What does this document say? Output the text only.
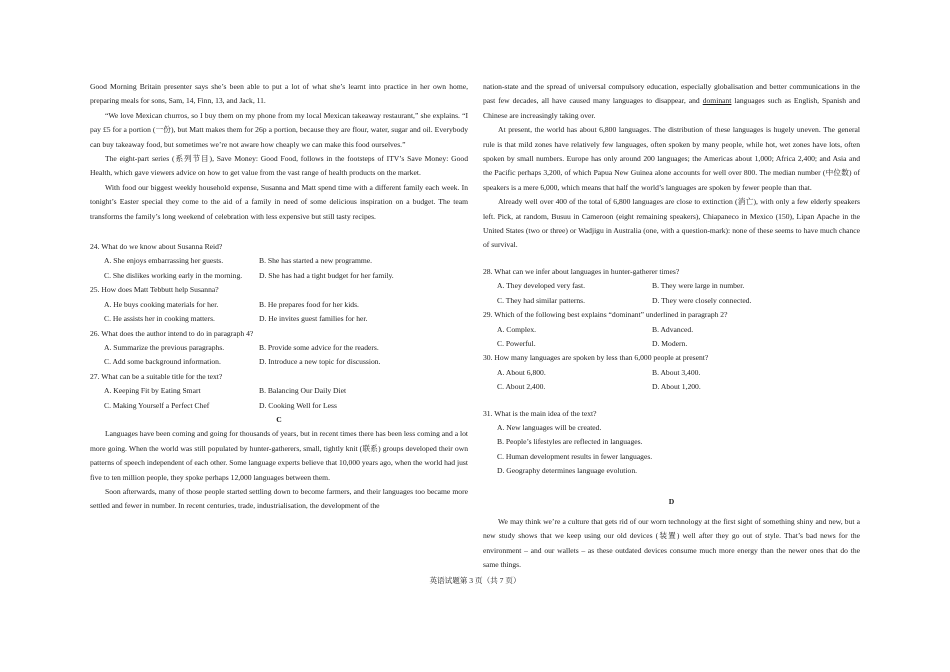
Good Morning Britain presenter says she’s been able to put a lot of what she’s learnt into practice in her own home, preparing meals for sons, Sam, 14, Finn, 13, and Jack, 11.

“We love Mexican churros, so I buy them on my phone from my local Mexican takeaway restaurant,” she explains. “I pay £5 for a portion (一份), but Matt makes them for 26p a portion, because they are flour, water, sugar and oil. Everybody can buy takeaway food, but sometimes we’re not aware how cheaply we can make this food ourselves.”

The eight-part series (系列节目), Save Money: Good Food, follows in the footsteps of ITV’s Save Money: Good Health, which gave viewers advice on how to get value from the vast range of health products on the market.

With food our biggest weekly household expense, Susanna and Matt spend time with a different family each week. In tonight’s Easter special they come to the aid of a family in need of some delicious inspiration on a budget. The team transforms the family’s long weekend of celebration with less expensive but still tasty recipes.

24. What do we know about Susanna Reid?

A. She enjoys embarrassing her guests.	B. She has started a new programme.
C. She dislikes working early in the morning.	D. She has had a tight budget for her family.

25. How does Matt Tebbutt help Susanna?

A. He buys cooking materials for her.	B. He prepares food for her kids.
C. He assists her in cooking matters.	D. He invites guest families for her.

26. What does the author intend to do in paragraph 4?

A. Summarize the previous paragraphs.	B. Provide some advice for the readers.
C. Add some background information.	D. Introduce a new topic for discussion.

27. What can be a suitable title for the text?

A. Keeping Fit by Eating Smart	B. Balancing Our Daily Diet
C. Making Yourself a Perfect Chef	D. Cooking Well for Less

C

Languages have been coming and going for thousands of years, but in recent times there has been less coming and a lot more going. When the world was still populated by hunter-gatherers, small, tightly knit (联系) groups developed their own patterns of speech independent of each other. Some language experts believe that 10,000 years ago, when the world had just five to ten million people, they spoke perhaps 12,000 languages between them.

Soon afterwards, many of those people started settling down to become farmers, and their languages too became more settled and fewer in number. In recent centuries, trade, industrialisation, the development of the

nation-state and the spread of universal compulsory education, especially globalisation and better communications in the past few decades, all have caused many languages to disappear, and dominant languages such as English, Spanish and Chinese are increasingly taking over.

At present, the world has about 6,800 languages. The distribution of these languages is hugely uneven. The general rule is that mild zones have relatively few languages, often spoken by many people, while hot, wet zones have lots, often spoken by small numbers. Europe has only around 200 languages; the Americas about 1,000; Africa 2,400; and Asia and the Pacific perhaps 3,200, of which Papua New Guinea alone accounts for well over 800. The median number (中位数) of speakers is a mere 6,000, which means that half the world’s languages are spoken by fewer people than that.

Already well over 400 of the total of 6,800 languages are close to extinction (消亡), with only a few elderly speakers left. Pick, at random, Busuu in Cameroon (eight remaining speakers), Chiapaneco in Mexico (150), Lipan Apache in the United States (two or three) or Wadjigu in Australia (one, with a question-mark): none of these seems to have much chance of survival.

28. What can we infer about languages in hunter-gatherer times?

A. They developed very fast.	B. They were large in number.
C. They had similar patterns.	D. They were closely connected.

29. Which of the following best explains “dominant” underlined in paragraph 2?

A. Complex.	B. Advanced.
C. Powerful.	D. Modern.

30. How many languages are spoken by less than 6,000 people at present?

A. About 6,800.	B. About 3,400.
C. About 2,400.	D. About 1,200.

31. What is the main idea of the text?

A. New languages will be created.
B. People’s lifestyles are reflected in languages.
C. Human development results in fewer languages.
D. Geography determines language evolution.

D

We may think we’re a culture that gets rid of our worn technology at the first sight of something shiny and new, but a new study shows that we keep using our old devices (装置) well after they go out of style. That’s bad news for the environment – and our wallets – as these outdated devices consume much more energy than the newer ones that do the same things.

英语试题第 3 页（共 7 页）
